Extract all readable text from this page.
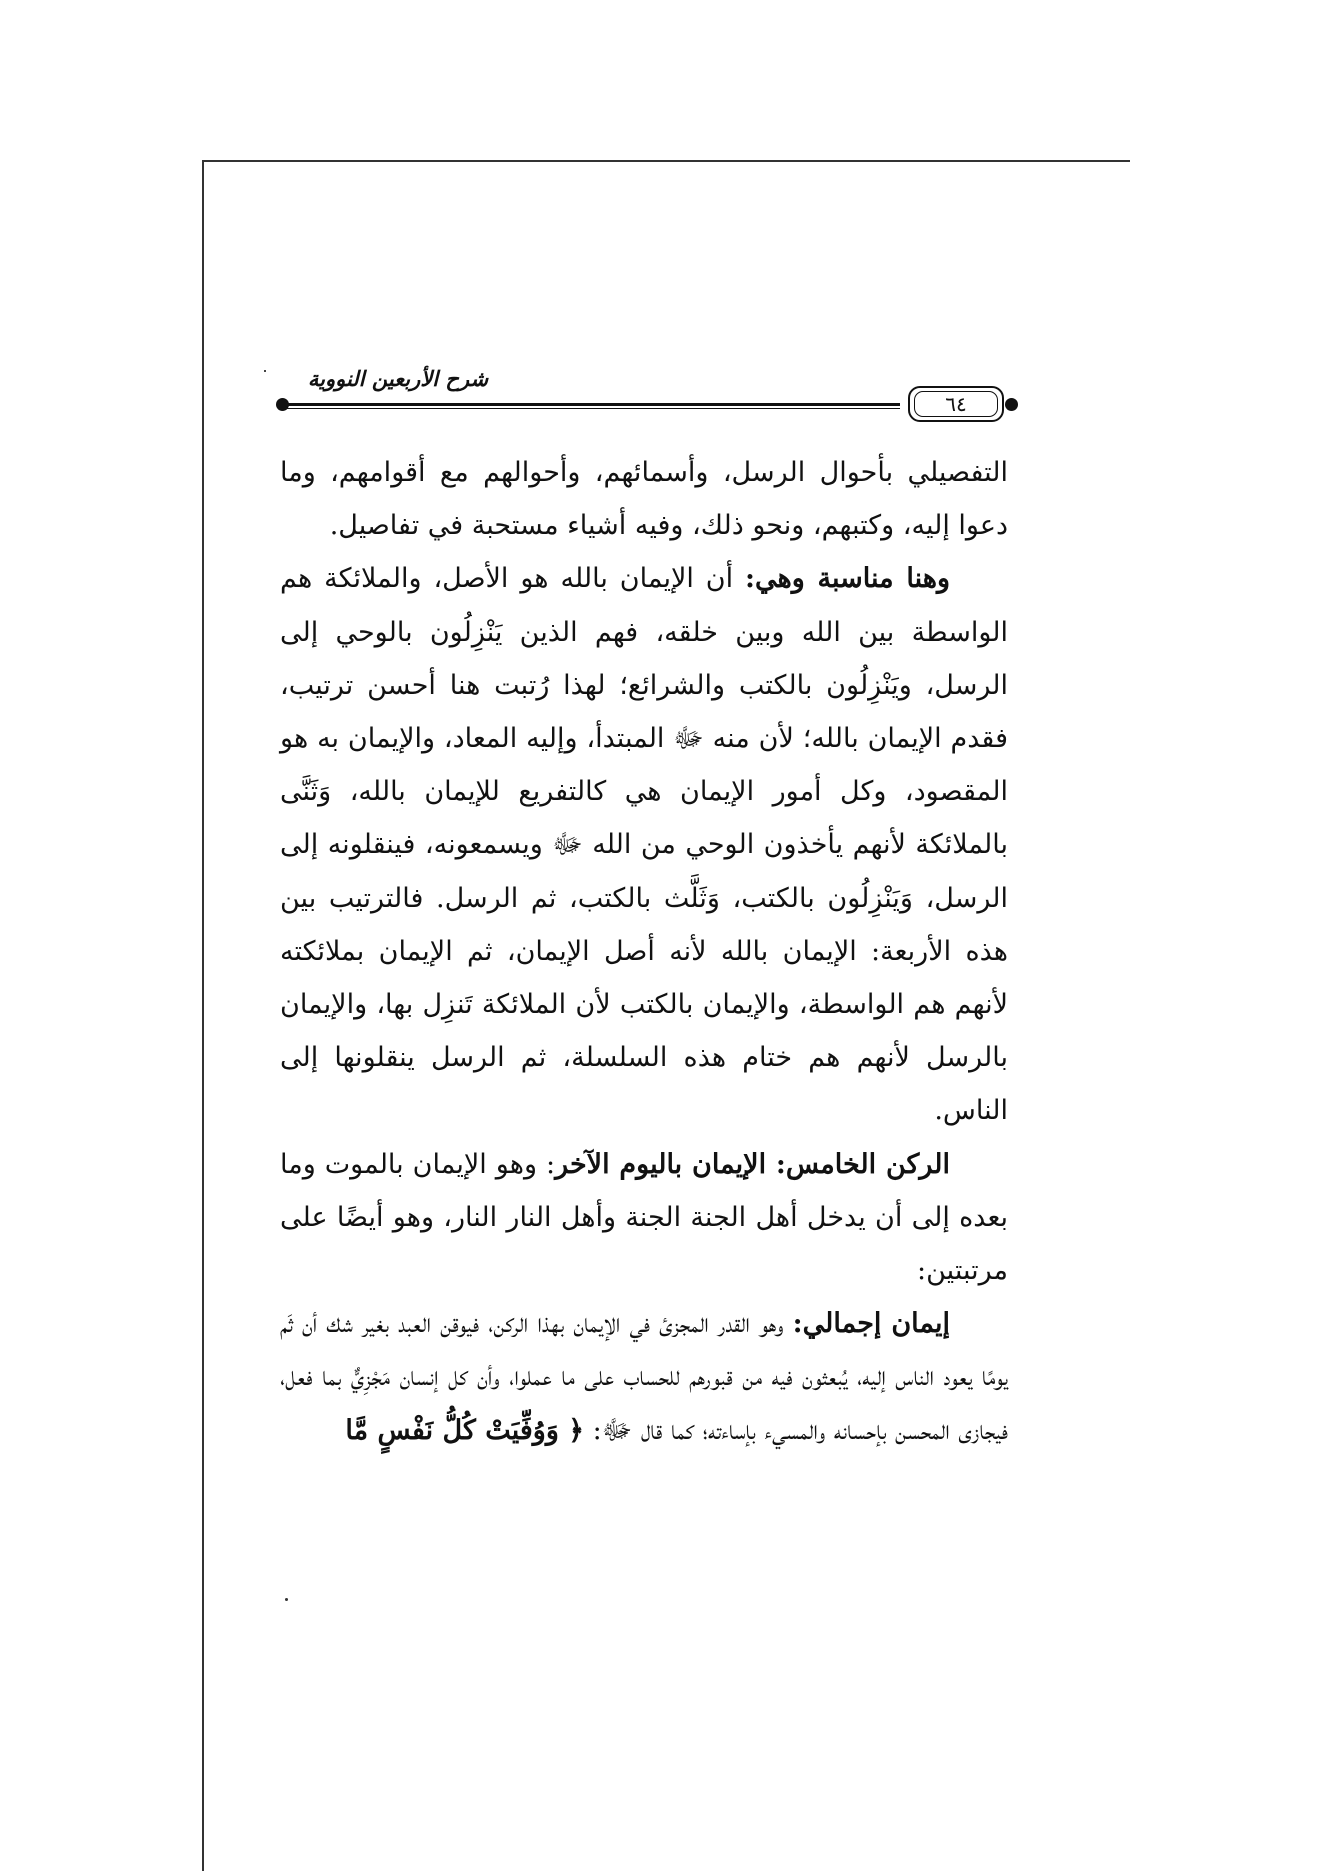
شرح الأربعين النووية
٦٤

التفصيلي بأحوال الرسل، وأسمائهم، وأحوالهم مع أقوامهم، وما دعوا إليه، وكتبهم، ونحو ذلك، وفيه أشياء مستحبة في تفاصيل.

وهنا مناسبة وهي: أن الإيمان بالله هو الأصل، والملائكة هم الواسطة بين الله وبين خلقه، فهم الذين يَنْزِلُون بالوحي إلى الرسل، ويَنْزِلُون بالكتب والشرائع؛ لهذا رُتبت هنا أحسن ترتيب، فقدم الإيمان بالله؛ لأن منه ﷻ المبتدأ، وإليه المعاد، والإيمان به هو المقصود، وكل أمور الإيمان هي كالتفريع للإيمان بالله، وَثَنَّى بالملائكة لأنهم يأخذون الوحي من الله ﷻ ويسمعونه، فينقلونه إلى الرسل، وَيَنْزِلُون بالكتب، وَثَلَّث بالكتب، ثم الرسل. فالترتيب بين هذه الأربعة: الإيمان بالله لأنه أصل الإيمان، ثم الإيمان بملائكته لأنهم هم الواسطة، والإيمان بالكتب لأن الملائكة تَنزِل بها، والإيمان بالرسل لأنهم هم ختام هذه السلسلة، ثم الرسل ينقلونها إلى الناس.

الركن الخامس: الإيمان باليوم الآخر: وهو الإيمان بالموت وما بعده إلى أن يدخل أهل الجنة الجنة وأهل النار النار، وهو أيضًا على مرتبتين:

إيمان إجمالي: وهو القدر المجزئ في الإيمان بهذا الركن، فيوقن العبد بغير شك أن ثَم يومًا يعود الناس إليه، يُبعثون فيه من قبورهم للحساب على ما عملوا، وأن كل إنسان مَجْزِيٌّ بما فعل، فيجازى المحسن بإحسانه والمسيء بإساءته؛ كما قال ﷻ: ﴿ وَوُفِّيَتْ كُلُّ نَفْسٍ مَّا
